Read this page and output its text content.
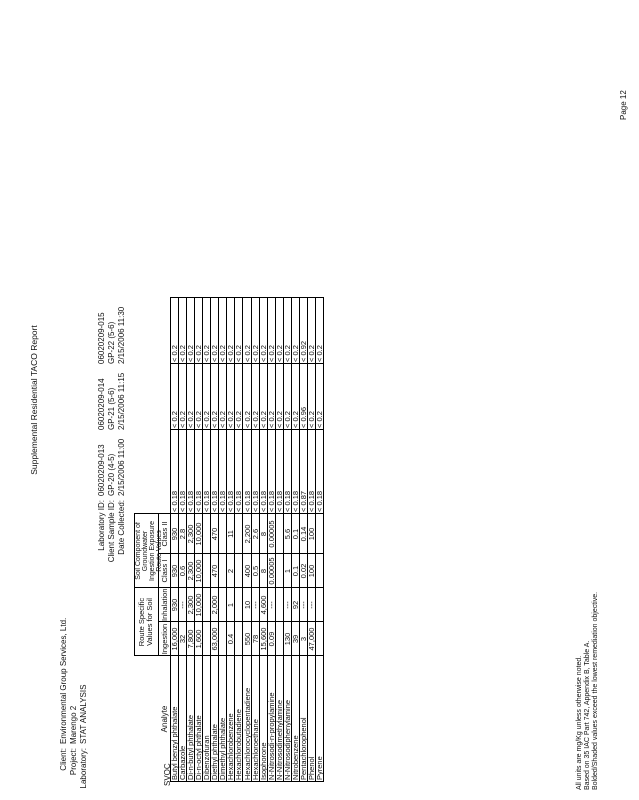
Supplemental Residential TACO Report
Page 12
Client:
Environmental Group Services, Ltd.
Project:
Marengo 2
Laboratory:
STAT ANALYSIS
Laboratory ID: Client Sample ID: Date Collected:
06020209-013 GP-20 (4-5) 2/15/2006 11:00
06020209-014 GP-21 (5-6) 2/15/2006 11:15
06020209-015 GP-22 (5-6) 2/15/2006 11:30
Route Specific Values for Soil
Soil Component of Groundwater Ingestion Exposure Route Values
Analyte
Ingestion
Inhalation
Class I
Class II
Butyl benzyl phthalate
16,000
930
930
930
< 0.18
< 0.2
< 0.2
Carbazole
32
---
0.6
2.8
< 0.18
< 0.2
< 0.2
Di-n-butyl phthalate
7,800
2,300
2,300
2,300
< 0.18
< 0.2
< 0.2
Di-n-octyl phthalate
1,600
10,000
10,000
10,000
< 0.18
< 0.2
< 0.2
Dibenzofuran
< 0.18
< 0.2
< 0.2
Diethyl phthalate
63,000
2,000
470
470
< 0.18
< 0.2
< 0.2
Dimethyl phthalate
< 0.18
< 0.2
< 0.2
Hexachlorobenzene
0.4
1
2
11
< 0.18
< 0.2
< 0.2
Hexachlorobutadiene
< 0.18
< 0.2
< 0.2
Hexachlorocyclopentadiene
550
10
400
2,200
< 0.18
< 0.2
< 0.2
Hexachloroethane
78
---
0.5
2.6
< 0.18
< 0.2
< 0.2
Isophorone
15,600
4,600
8
8
< 0.18
< 0.2
< 0.2
N-Nitrosodi-n-propylamine
0.09
---
0.00005
0.00005
< 0.18
< 0.2
< 0.2
N-Nitrosodimethylamine
< 0.18
< 0.2
< 0.2
N-Nitrosodiphenylamine
130
---
1
5.6
< 0.18
< 0.2
< 0.2
Nitrobenzene
39
92
0.1
0.1
< 0.18
< 0.2
< 0.2
Pentachlorophenol
3
---
0.02
0.14
< 0.87
< 0.96
< 0.92
Phenol
47,000
---
100
100
< 0.18
< 0.2
< 0.2
Pyrene
< 0.18
< 0.2
< 0.2
SVOC	All units are mg/Kg unless otherwise noted. Based on 35 IAC Part 742, Appendix B, Table A. Bolded/Shaded values exceed the lowest remediation objective.
